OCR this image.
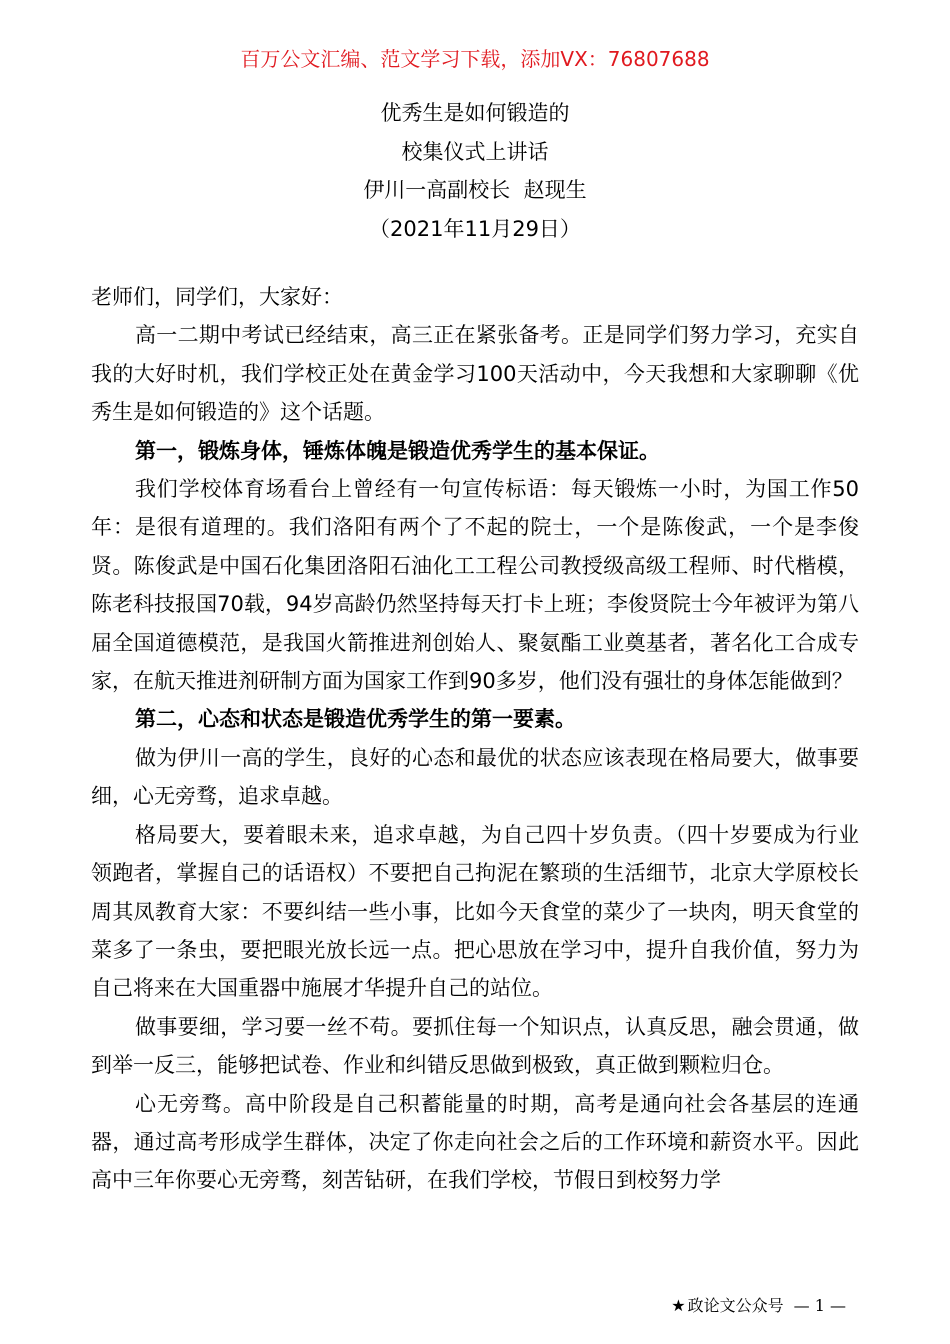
百万公文汇编、范文学习下载，添加VX：76807688
优秀生是如何锻造的
校集仪式上讲话
伊川一高副校长  赵现生
（2021年11月29日）

老师们，同学们，大家好：

高一二期中考试已经结束，高三正在紧张备考。正是同学们努力学习，充实自我的大好时机，我们学校正处在黄金学习100天活动中，今天我想和大家聊聊《优秀生是如何锻造的》这个话题。

第一，锻炼身体，锤炼体魄是锻造优秀学生的基本保证。

我们学校体育场看台上曾经有一句宣传标语：每天锻炼一小时，为国工作50年：是很有道理的。我们洛阳有两个了不起的院士，一个是陈俊武，一个是李俊贤。陈俊武是中国石化集团洛阳石油化工工程公司教授级高级工程师、时代楷模，陈老科技报国70载，94岁高龄仍然坚持每天打卡上班；李俊贤院士今年被评为第八届全国道德模范，是我国火箭推进剂创始人、聚氨酯工业奠基者，著名化工合成专家，在航天推进剂研制方面为国家工作到90多岁，他们没有强壮的身体怎能做到？

第二，心态和状态是锻造优秀学生的第一要素。

做为伊川一高的学生，良好的心态和最优的状态应该表现在格局要大，做事要细，心无旁骛，追求卓越。

格局要大，要着眼未来，追求卓越，为自己四十岁负责。（四十岁要成为行业领跑者，掌握自己的话语权）不要把自己拘泥在繁琐的生活细节，北京大学原校长周其凤教育大家：不要纠结一些小事，比如今天食堂的菜少了一块肉，明天食堂的菜多了一条虫，要把眼光放长远一点。把心思放在学习中，提升自我价值，努力为自己将来在大国重器中施展才华提升自己的站位。

做事要细，学习要一丝不苟。要抓住每一个知识点，认真反思，融会贯通，做到举一反三，能够把试卷、作业和纠错反思做到极致，真正做到颗粒归仓。

心无旁骛。高中阶段是自己积蓄能量的时期，高考是通向社会各基层的连通器，通过高考形成学生群体，决定了你走向社会之后的工作环境和薪资水平。因此高中三年你要心无旁骛，刻苦钻研，在我们学校，节假日到校努力学

★ 政论文公众号 — 1 —
